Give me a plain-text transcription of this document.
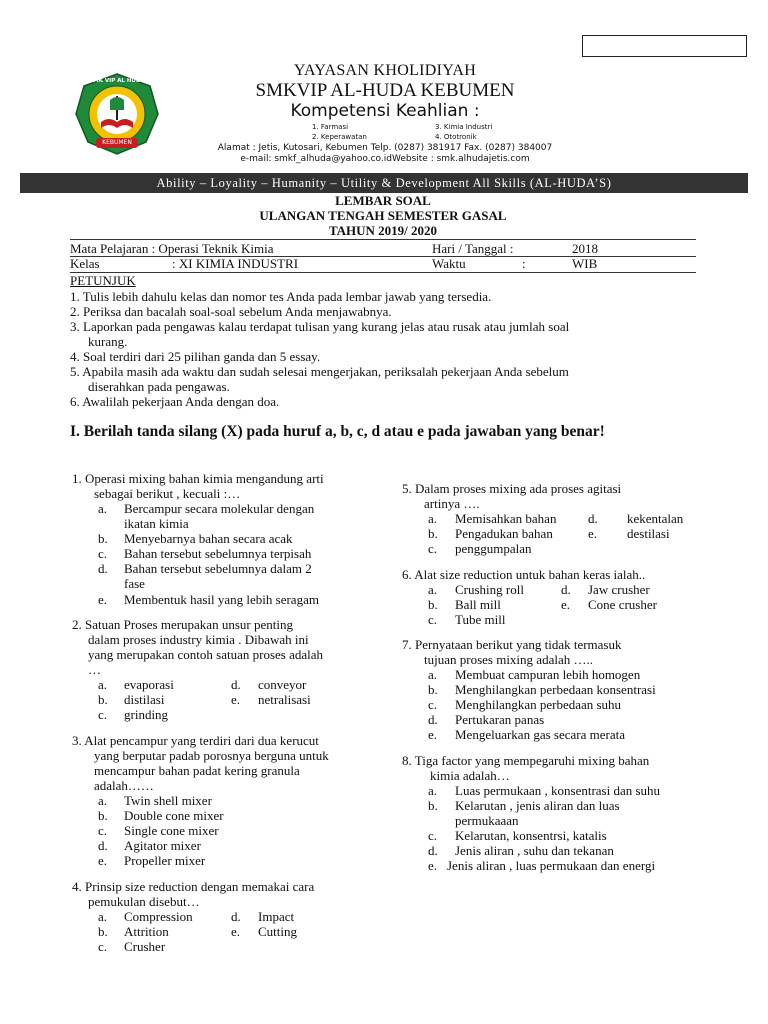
KEBUMEN
SMK VIP AL HUDA
YAYASAN KHOLIDIYAH
SMKVIP AL-HUDA KEBUMEN
Kompetensi Keahlian :
1. Farmasi
2. Keperawatan
3. Kimia Industri
4. Ototronik
Alamat : Jetis, Kutosari, Kebumen Telp. (0287) 381917 Fax. (0287) 384007
e-mail: smkf_alhuda@yahoo.co.idWebsite : smk.alhudajetis.com
Ability – Loyality – Humanity – Utility & Development All Skills (AL-HUDA’S)
LEMBAR SOAL
ULANGAN TENGAH SEMESTER GASAL
TAHUN 2019/ 2020
Mata Pelajaran : Operasi Teknik Kimia	Hari / Tanggal :	2018
Kelas	: XI KIMIA INDUSTRI	Waktu	:	WIB
PETUNJUK
1. Tulis lebih dahulu kelas dan nomor tes Anda pada lembar jawab yang tersedia.
2. Periksa dan bacalah soal-soal sebelum Anda menjawabnya.
3. Laporkan pada pengawas kalau terdapat tulisan yang kurang jelas atau rusak atau jumlah soal
kurang.
4. Soal terdiri dari 25 pilihan ganda dan 5 essay.
5. Apabila masih ada waktu dan sudah selesai mengerjakan, periksalah pekerjaan Anda sebelum
diserahkan pada pengawas.
6. Awalilah pekerjaan Anda dengan doa.
I. Berilah tanda silang (X) pada huruf a, b, c, d atau e pada jawaban yang benar!
1. Operasi mixing bahan kimia mengandung arti
sebagai berikut , kecuali :…
a. Bercampur secara molekular dengan
ikatan kimia
b. Menyebarnya bahan secara acak
c. Bahan tersebut sebelumnya terpisah
d. Bahan tersebut sebelumnya dalam 2
fase
e. Membentuk hasil yang lebih seragam
2. Satuan Proses merupakan unsur penting
dalam proses industry kimia . Dibawah ini
yang merupakan contoh satuan proses adalah
…
a. evaporasi	d. conveyor
b. distilasi	e. netralisasi
c. grinding
3. Alat pencampur yang terdiri dari dua kerucut
yang berputar padab porosnya berguna untuk
mencampur bahan padat kering granula
adalah……
a. Twin shell mixer
b. Double cone mixer
c. Single cone mixer
d. Agitator mixer
e. Propeller mixer
4. Prinsip size reduction dengan memakai cara
pemukulan disebut…
a. Compression	d. Impact
b. Attrition	e. Cutting
c. Crusher
5. Dalam proses mixing ada proses agitasi
artinya ….
a. Memisahkan bahan d. kekentalan
b. Pengadukan bahan	e. destilasi
c. penggumpalan
6. Alat size reduction untuk bahan keras ialah..
a. Crushing roll	d. Jaw crusher
b. Ball mill	e. Cone crusher
c. Tube mill
7. Pernyataan berikut yang tidak termasuk
tujuan proses mixing adalah …..
a. Membuat campuran lebih homogen
b. Menghilangkan perbedaan konsentrasi
c. Menghilangkan perbedaan suhu
d. Pertukaran panas
e. Mengeluarkan gas secara merata
8. Tiga factor yang mempegaruhi mixing bahan
kimia adalah…
a. Luas permukaan , konsentrasi dan suhu
b. Kelarutan , jenis aliran dan luas
permukaaan
c. Kelarutan, konsentrsi, katalis
d. Jenis aliran , suhu dan tekanan
e. Jenis aliran , luas permukaan dan energi
